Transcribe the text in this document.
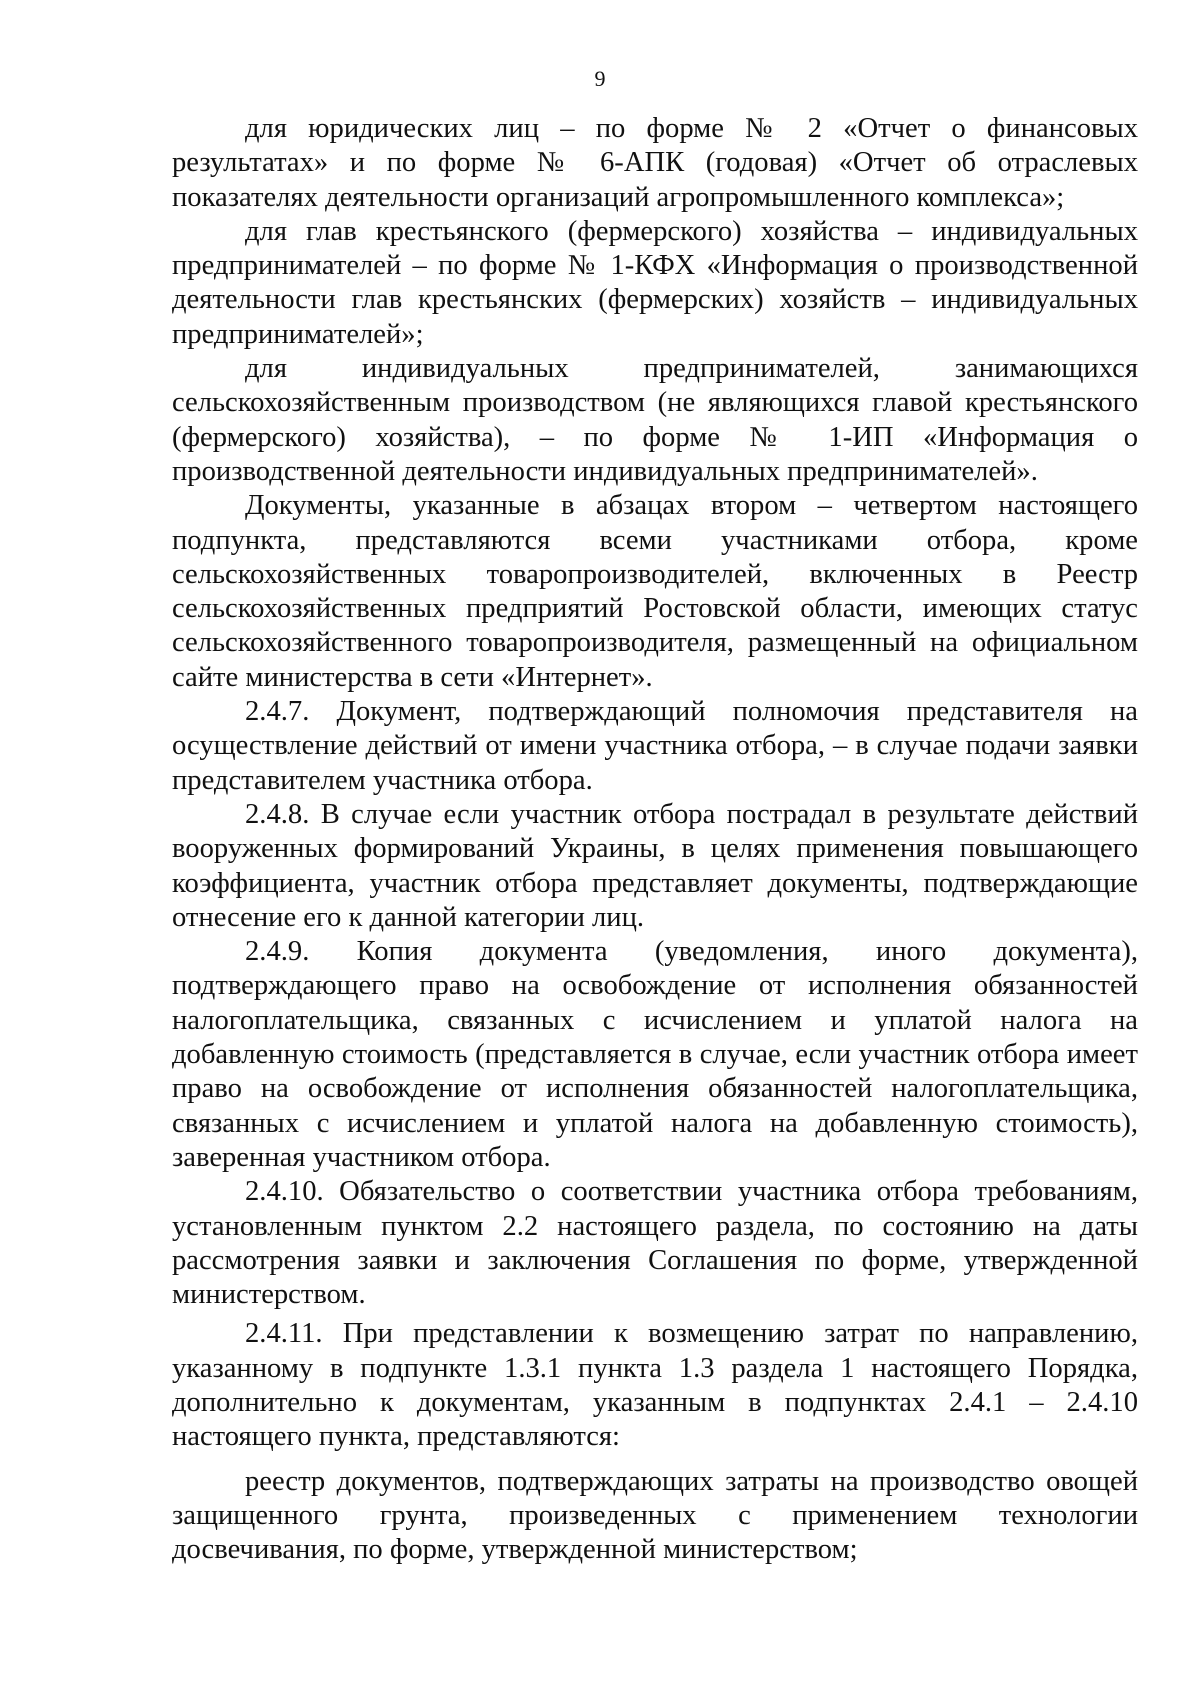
9

для юридических лиц – по форме № 2 «Отчет о финансовых результатах» и по форме № 6-АПК (годовая) «Отчет об отраслевых показателях деятельности организаций агропромышленного комплекса»;

для глав крестьянского (фермерского) хозяйства – индивидуальных предпринимателей – по форме № 1-КФХ «Информация о производственной деятельности глав крестьянских (фермерских) хозяйств – индивидуальных предпринимателей»;

для индивидуальных предпринимателей, занимающихся сельскохозяйственным производством (не являющихся главой крестьянского (фермерского) хозяйства), – по форме № 1-ИП «Информация о производственной деятельности индивидуальных предпринимателей».

Документы, указанные в абзацах втором – четвертом настоящего подпункта, представляются всеми участниками отбора, кроме сельскохозяйственных товаропроизводителей, включенных в Реестр сельскохозяйственных предприятий Ростовской области, имеющих статус сельскохозяйственного товаропроизводителя, размещенный на официальном сайте министерства в сети «Интернет».

2.4.7. Документ, подтверждающий полномочия представителя на осуществление действий от имени участника отбора, – в случае подачи заявки представителем участника отбора.

2.4.8. В случае если участник отбора пострадал в результате действий вооруженных формирований Украины, в целях применения повышающего коэффициента, участник отбора представляет документы, подтверждающие отнесение его к данной категории лиц.

2.4.9. Копия документа (уведомления, иного документа), подтверждающего право на освобождение от исполнения обязанностей налогоплательщика, связанных с исчислением и уплатой налога на добавленную стоимость (представляется в случае, если участник отбора имеет право на освобождение от исполнения обязанностей налогоплательщика, связанных с исчислением и уплатой налога на добавленную стоимость), заверенная участником отбора.

2.4.10. Обязательство о соответствии участника отбора требованиям, установленным пунктом 2.2 настоящего раздела, по состоянию на даты рассмотрения заявки и заключения Соглашения по форме, утвержденной министерством.

2.4.11. При представлении к возмещению затрат по направлению, указанному в подпункте 1.3.1 пункта 1.3 раздела 1 настоящего Порядка, дополнительно к документам, указанным в подпунктах 2.4.1 – 2.4.10 настоящего пункта, представляются:

реестр документов, подтверждающих затраты на производство овощей защищенного грунта, произведенных с применением технологии досвечивания, по форме, утвержденной министерством;
